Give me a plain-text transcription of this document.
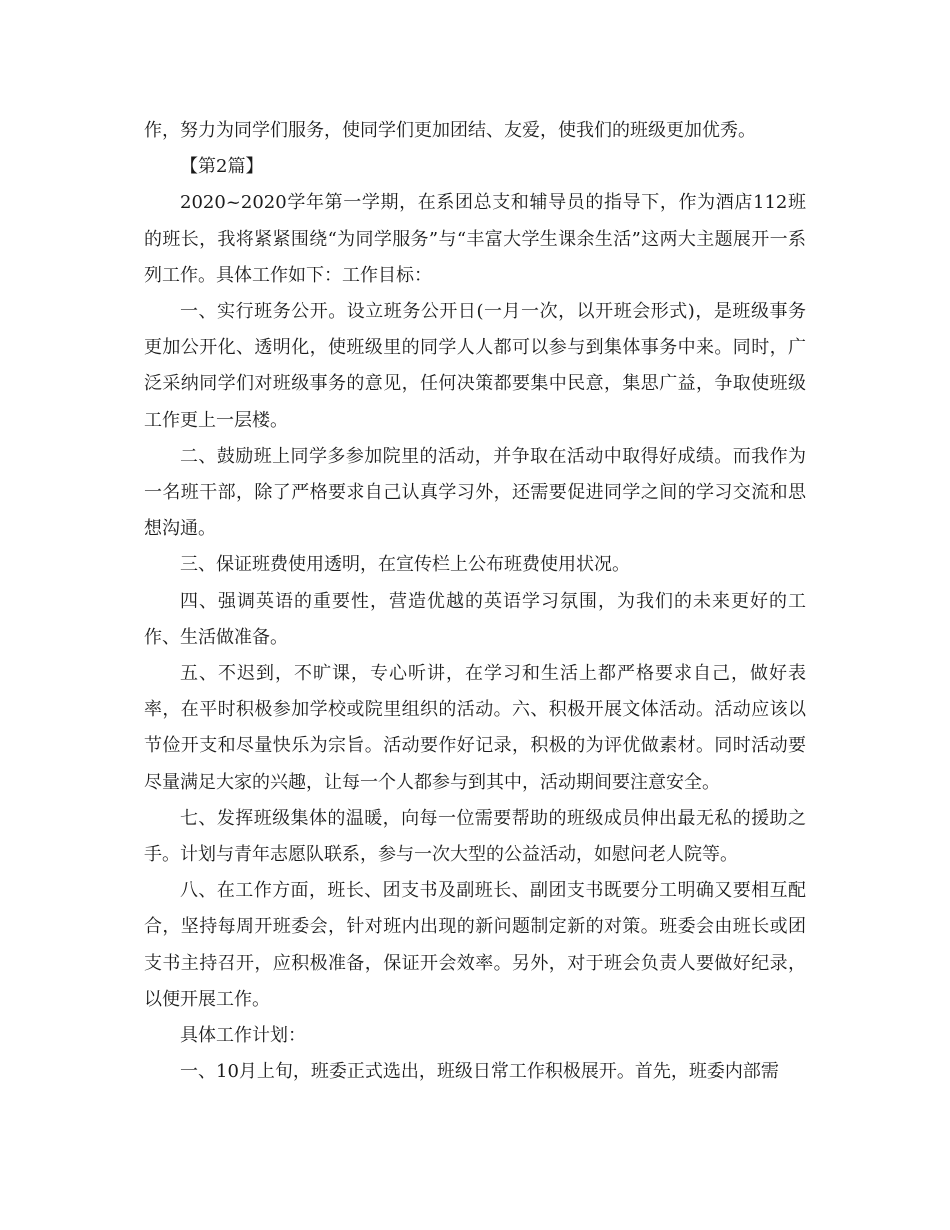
作，努力为同学们服务，使同学们更加团结、友爱，使我们的班级更加优秀。

【第2篇】

2020~2020学年第一学期，在系团总支和辅导员的指导下，作为酒店112班的班长，我将紧紧围绕“为同学服务”与“丰富大学生课余生活”这两大主题展开一系列工作。具体工作如下：工作目标：

一、实行班务公开。设立班务公开日(一月一次，以开班会形式)，是班级事务更加公开化、透明化，使班级里的同学人人都可以参与到集体事务中来。同时，广泛采纳同学们对班级事务的意见，任何决策都要集中民意，集思广益，争取使班级工作更上一层楼。

二、鼓励班上同学多参加院里的活动，并争取在活动中取得好成绩。而我作为一名班干部，除了严格要求自己认真学习外，还需要促进同学之间的学习交流和思想沟通。

三、保证班费使用透明，在宣传栏上公布班费使用状况。

四、强调英语的重要性，营造优越的英语学习氛围，为我们的未来更好的工作、生活做准备。

五、不迟到，不旷课，专心听讲，在学习和生活上都严格要求自己，做好表率，在平时积极参加学校或院里组织的活动。六、积极开展文体活动。活动应该以节俭开支和尽量快乐为宗旨。活动要作好记录，积极的为评优做素材。同时活动要尽量满足大家的兴趣，让每一个人都参与到其中，活动期间要注意安全。

七、发挥班级集体的温暖，向每一位需要帮助的班级成员伸出最无私的援助之手。计划与青年志愿队联系，参与一次大型的公益活动，如慰问老人院等。

八、在工作方面，班长、团支书及副班长、副团支书既要分工明确又要相互配合，坚持每周开班委会，针对班内出现的新问题制定新的对策。班委会由班长或团支书主持召开，应积极准备，保证开会效率。另外，对于班会负责人要做好纪录，以便开展工作。

具体工作计划：

一、10月上旬，班委正式选出，班级日常工作积极展开。首先，班委内部需
